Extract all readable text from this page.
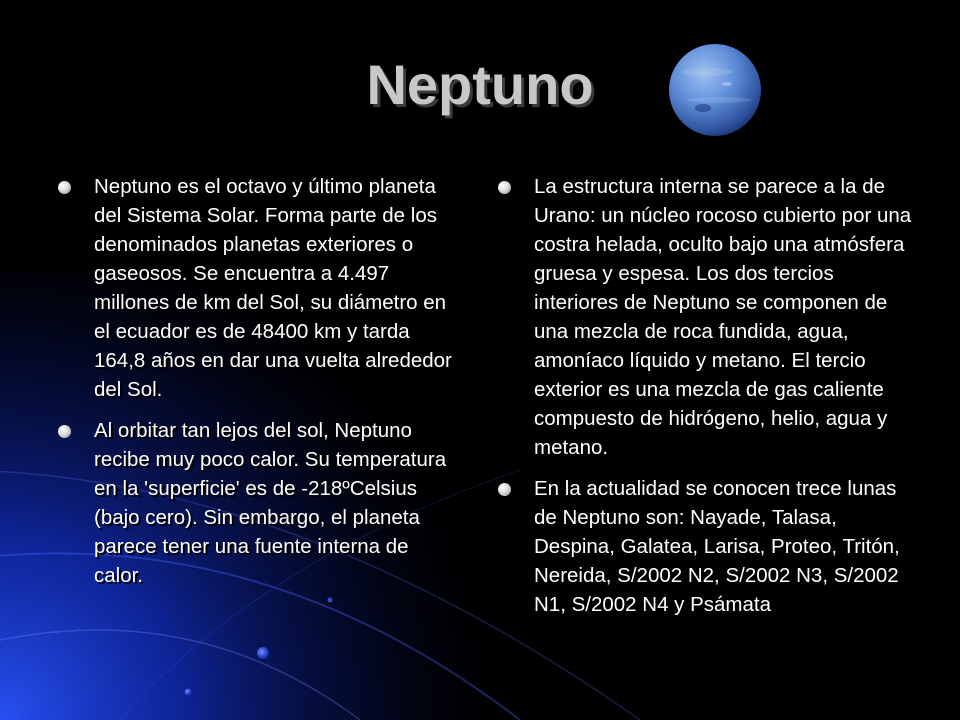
Neptuno
Neptuno es el octavo y último planeta del Sistema Solar. Forma parte de los denominados planetas exteriores o gaseosos. Se encuentra a 4.497 millones de km del Sol, su diámetro en el ecuador es de 48400 km y tarda 164,8 años en dar una vuelta alrededor del Sol.
Al orbitar tan lejos del sol, Neptuno recibe muy poco calor. Su temperatura en la 'superficie' es de -218ºCelsius (bajo cero). Sin embargo, el planeta parece tener una fuente interna de calor.
La estructura interna se parece a la de Urano: un núcleo rocoso cubierto por una costra helada, oculto bajo una atmósfera gruesa y espesa. Los dos tercios interiores de Neptuno se componen de una mezcla de roca fundida, agua, amoníaco líquido y metano. El tercio exterior es una mezcla de gas caliente compuesto de hidrógeno, helio, agua y metano.
En la actualidad se conocen trece lunas de Neptuno son: Nayade, Talasa, Despina, Galatea, Larisa, Proteo, Tritón, Nereida, S/2002 N2, S/2002 N3, S/2002 N1, S/2002 N4 y Psámata
